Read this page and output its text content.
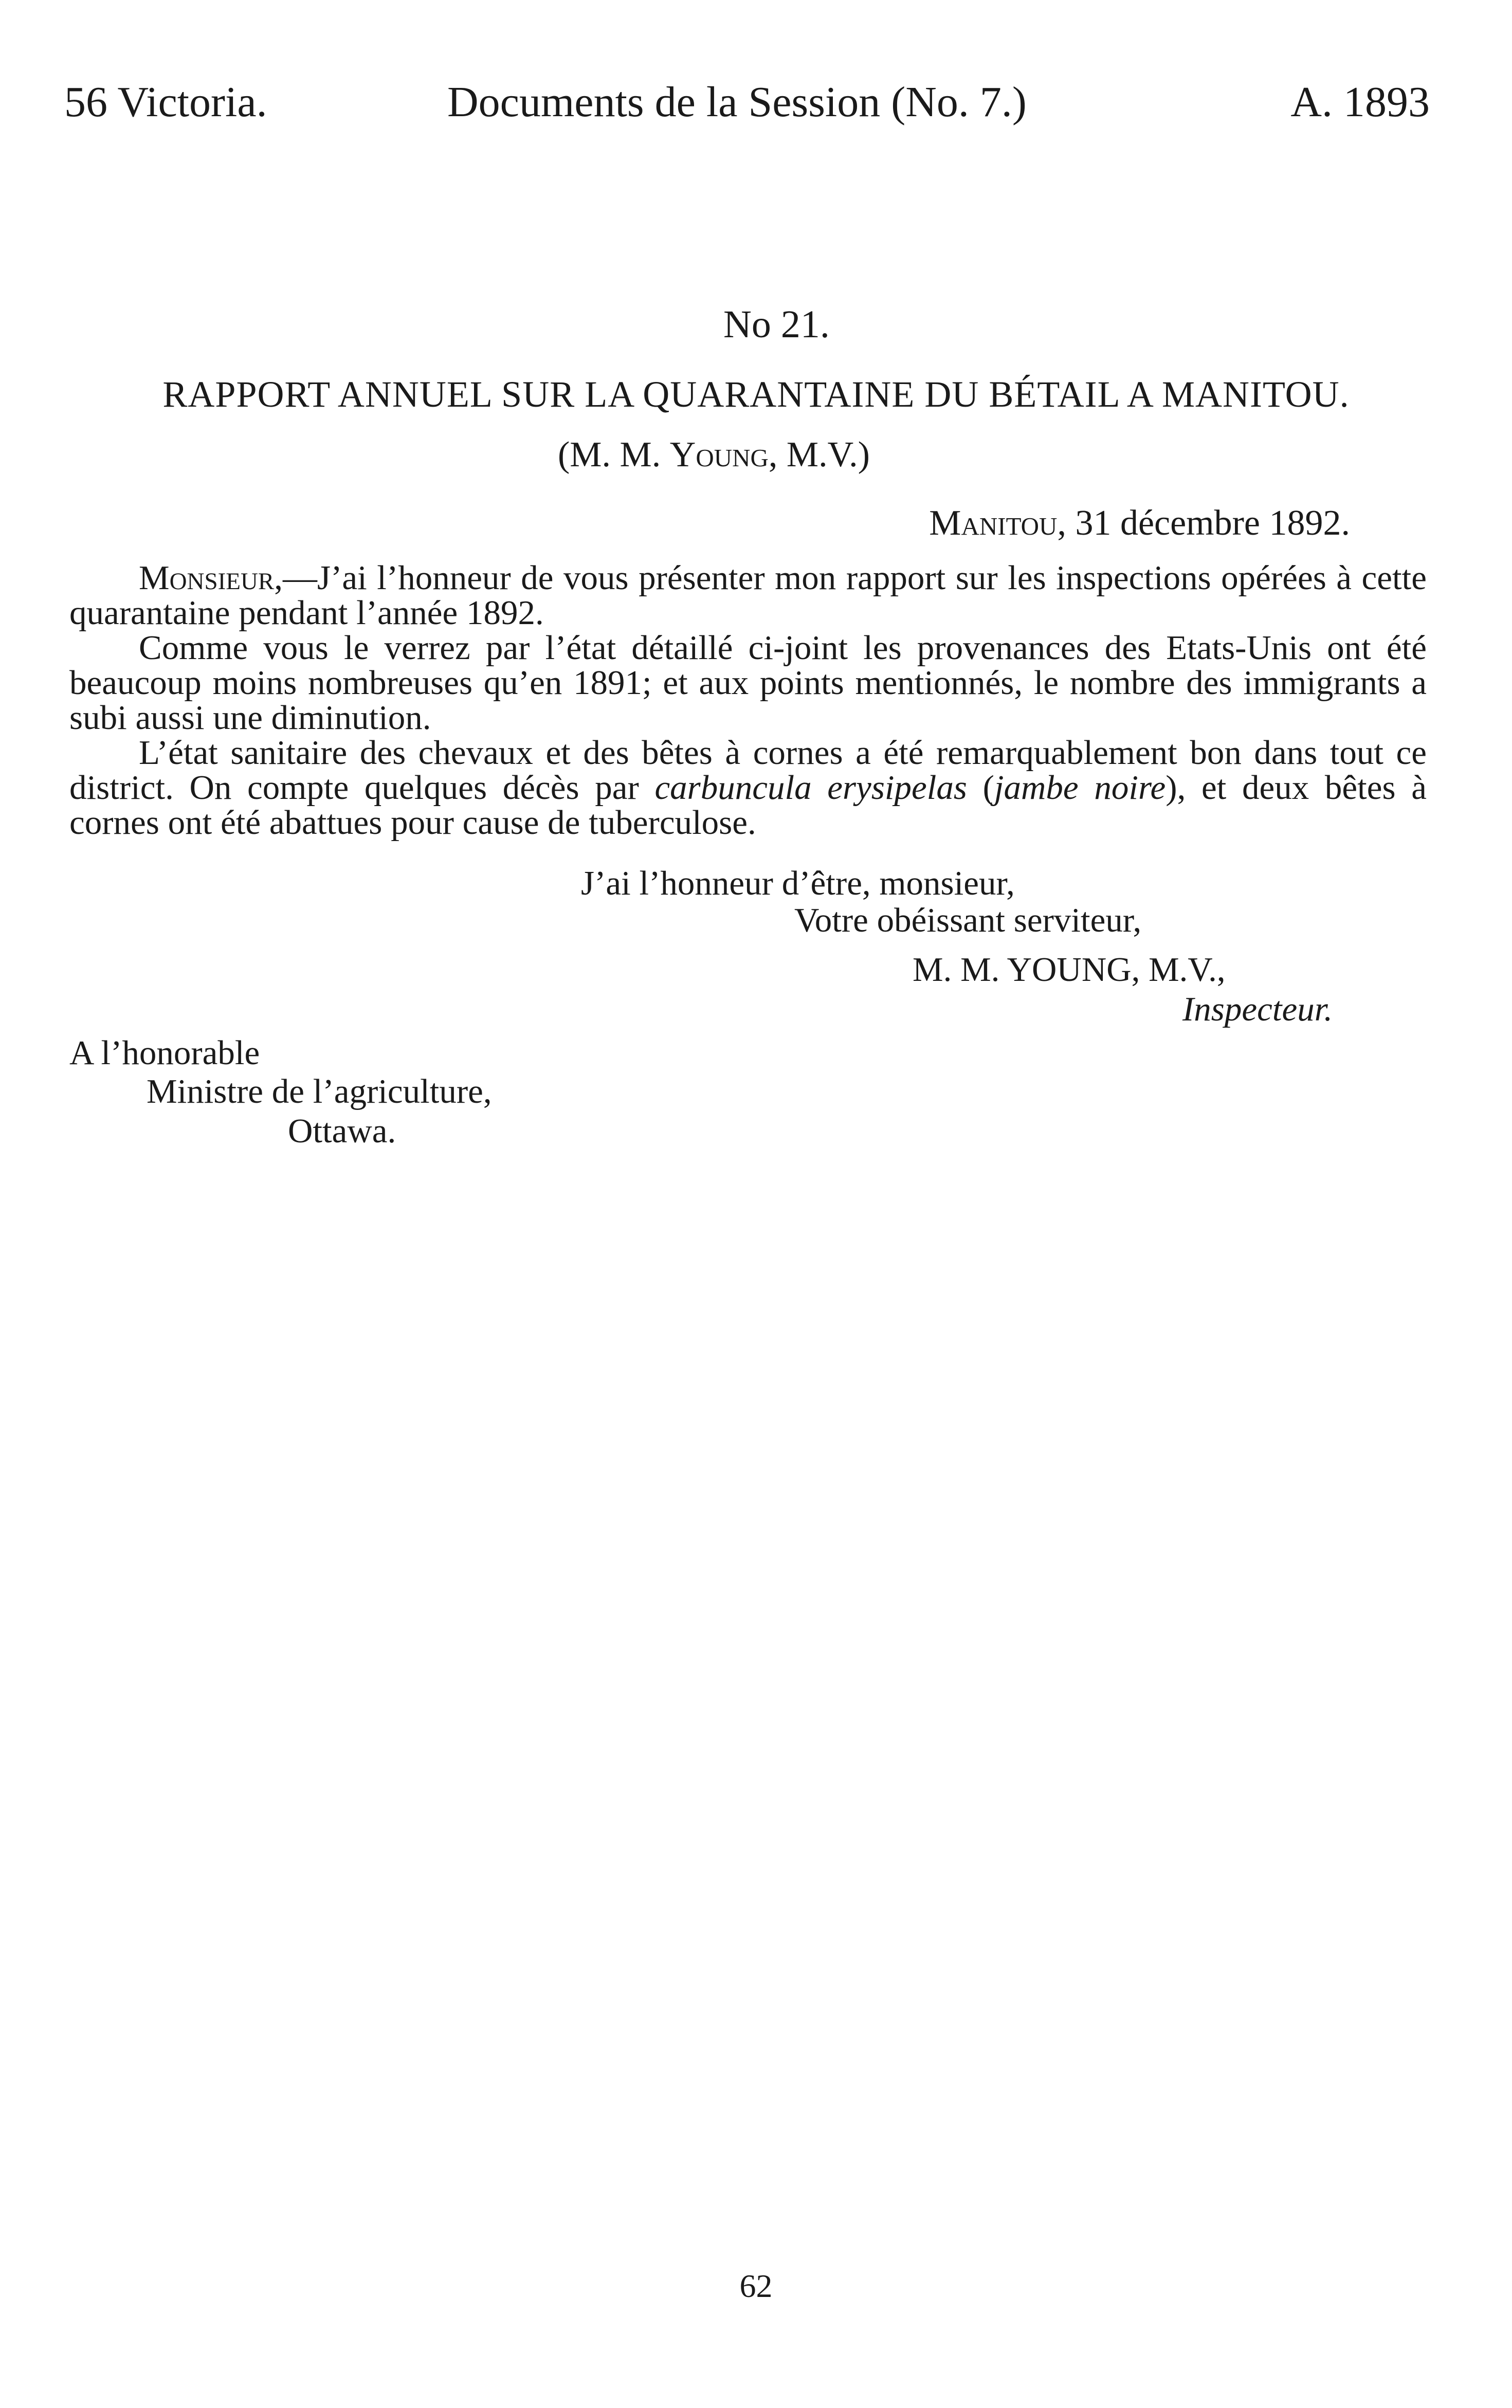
56 Victoria.	Documents de la Session (No. 7.)	A. 1893
No 21.
RAPPORT ANNUEL SUR LA QUARANTAINE DU BÉTAIL A MANITOU.
(M. M. Young, M.V.)
Manitou, 31 décembre 1892.

Monsieur,—J’ai l’honneur de vous présenter mon rapport sur les inspections opérées à cette quarantaine pendant l’année 1892.

Comme vous le verrez par l’état détaillé ci-joint les provenances des Etats-Unis ont été beaucoup moins nombreuses qu’en 1891; et aux points mentionnés, le nombre des immigrants a subi aussi une diminution.

L’état sanitaire des chevaux et des bêtes à cornes a été remarquablement bon dans tout ce district. On compte quelques décès par carbuncula erysipelas (jambe noire), et deux bêtes à cornes ont été abattues pour cause de tuberculose.

J’ai l’honneur d’être, monsieur,
Votre obéissant serviteur,
M. M. YOUNG, M.V.,
Inspecteur.
A l’honorable
Ministre de l’agriculture,
Ottawa.
62
